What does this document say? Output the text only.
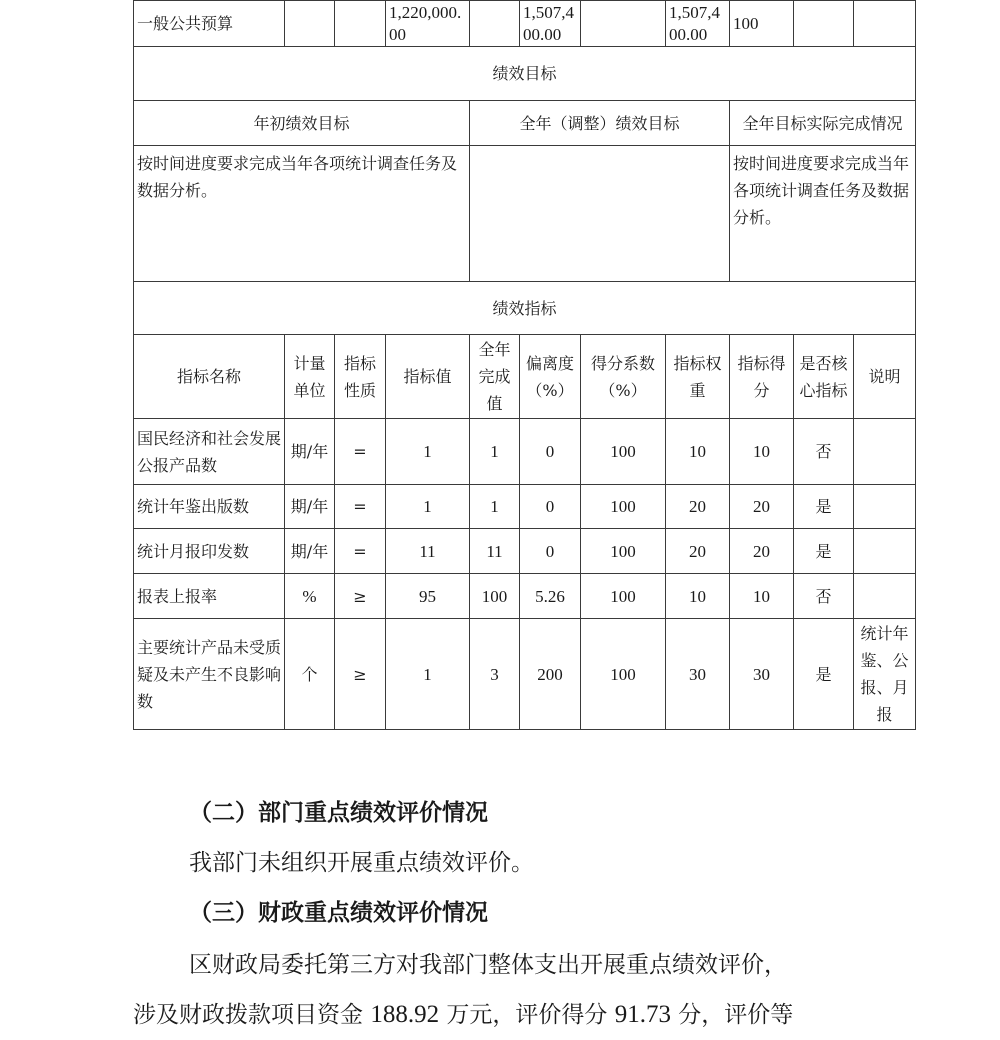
一般公共预算			1,220,000.00		1,507,400.00		1,507,400.00	100		
绩效目标										
年初绩效目标				全年（调整）绩效目标				全年目标实际完成情况		
按时间进度要求完成当年各项统计调查任务及数据分析。								按时间进度要求完成当年各项统计调查任务及数据分析。		
绩效指标										
指标名称	计量单位	指标性质	指标值	全年完成值	偏离度（%）	得分系数（%）	指标权重	指标得分	是否核心指标	说明
国民经济和社会发展公报产品数	期/年	=	1	1	0	100	10	10	否	
统计年鉴出版数	期/年	=	1	1	0	100	20	20	是	
统计月报印发数	期/年	=	11	11	0	100	20	20	是	
报表上报率	%	≥	95	100	5.26	100	10	10	否	
主要统计产品未受质疑及未产生不良影响数	个	≥	1	3	200	100	30	30	是	统计年鉴、公报、月报
（二）部门重点绩效评价情况
我部门未组织开展重点绩效评价。
（三）财政重点绩效评价情况
区财政局委托第三方对我部门整体支出开展重点绩效评价，
涉及财政拨款项目资金 188.92 万元，评价得分 91.73 分，评价等
